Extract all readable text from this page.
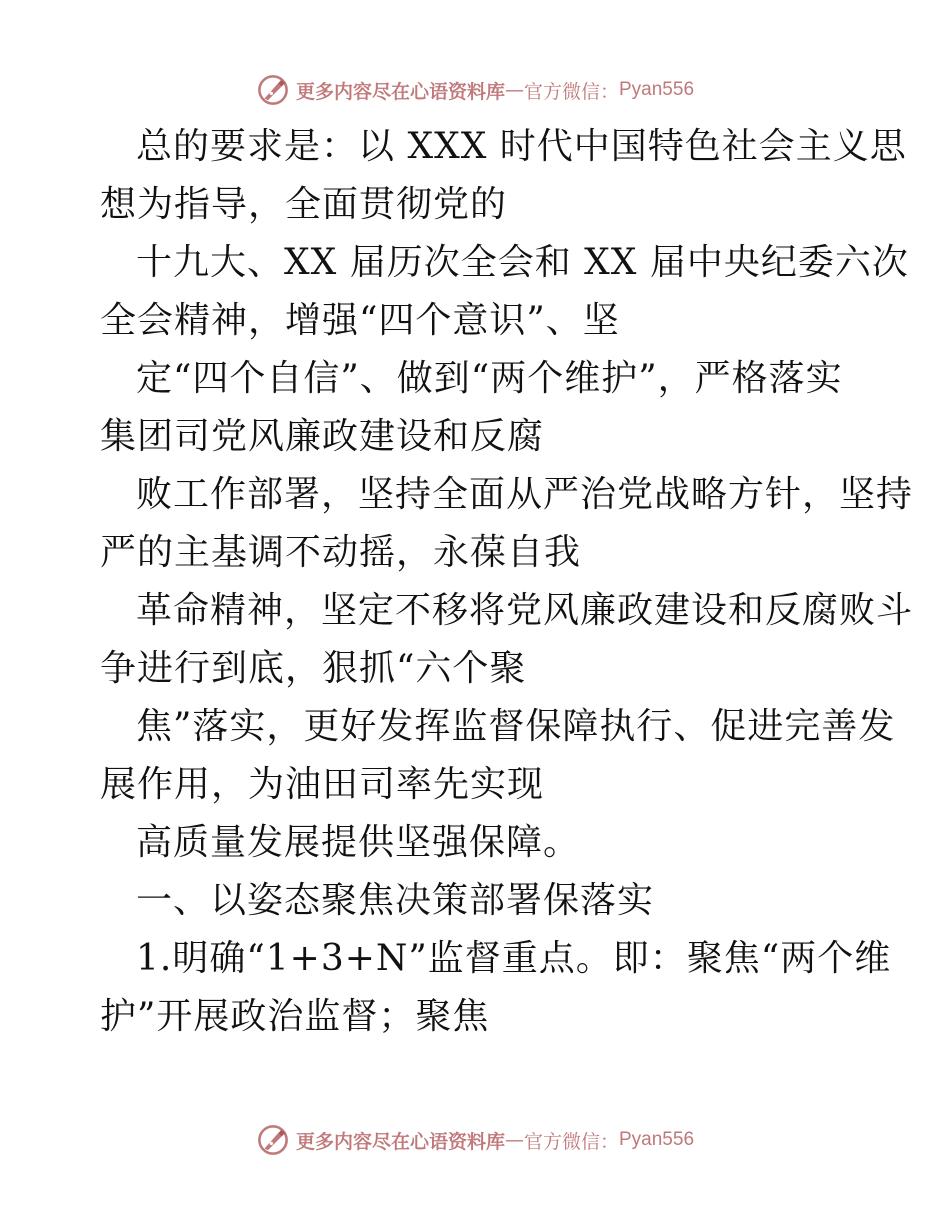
更多内容尽在心语资料库 — 官方微信： Pyan556
总的要求是：以 XXX 时代中国特色社会主义思
想为指导，全面贯彻党的
十九大、XX 届历次全会和 XX 届中央纪委六次
全会精神，增强“四个意识”、坚
定“四个自信”、做到“两个维护”，严格落实
集团司党风廉政建设和反腐
败工作部署，坚持全面从严治党战略方针，坚持
严的主基调不动摇，永葆自我
革命精神，坚定不移将党风廉政建设和反腐败斗
争进行到底，狠抓“六个聚
焦”落实，更好发挥监督保障执行、促进完善发
展作用，为油田司率先实现
高质量发展提供坚强保障。
一、以姿态聚焦决策部署保落实
1.明确“1+3+N”监督重点。即：聚焦“两个维
护”开展政治监督；聚焦
更多内容尽在心语资料库 — 官方微信： Pyan556
